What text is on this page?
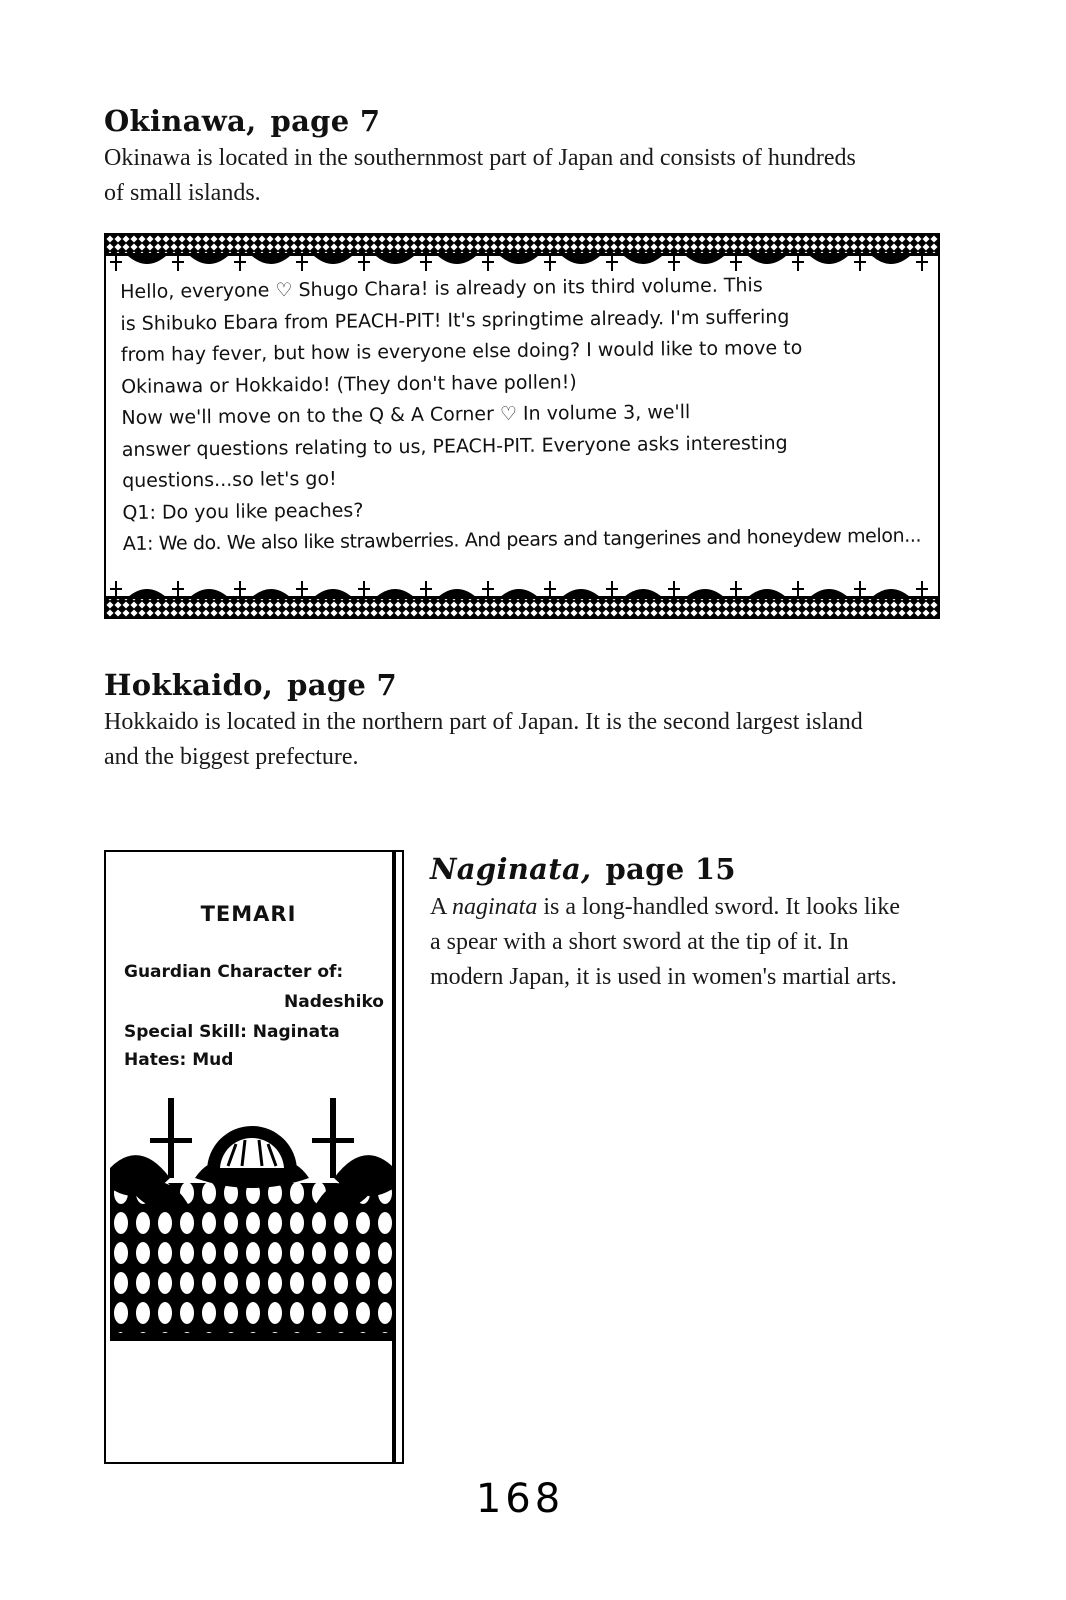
Okinawa, page 7
Okinawa is located in the southernmost part of Japan and consists of hundreds
of small islands.
Hello, everyone ♡ Shugo Chara! is already on its third volume. This
is Shibuko Ebara from PEACH-PIT! It's springtime already. I'm suffering
from hay fever, but how is everyone else doing? I would like to move to
Okinawa or Hokkaido! (They don't have pollen!)
Now we'll move on to the Q & A Corner ♡ In volume 3, we'll
answer questions relating to us, PEACH-PIT. Everyone asks interesting
questions...so let's go!
Q1: Do you like peaches?
A1: We do. We also like strawberries. And pears and tangerines and honeydew melon...
Hokkaido, page 7
Hokkaido is located in the northern part of Japan. It is the second largest island
and the biggest prefecture.
TEMARI
Guardian Character of:
Nadeshiko
Special Skill: Naginata
Hates: Mud
Naginata, page 15
A naginata is a long-handled sword. It looks like
a spear with a short sword at the tip of it. In
modern Japan, it is used in women's martial arts.
168
